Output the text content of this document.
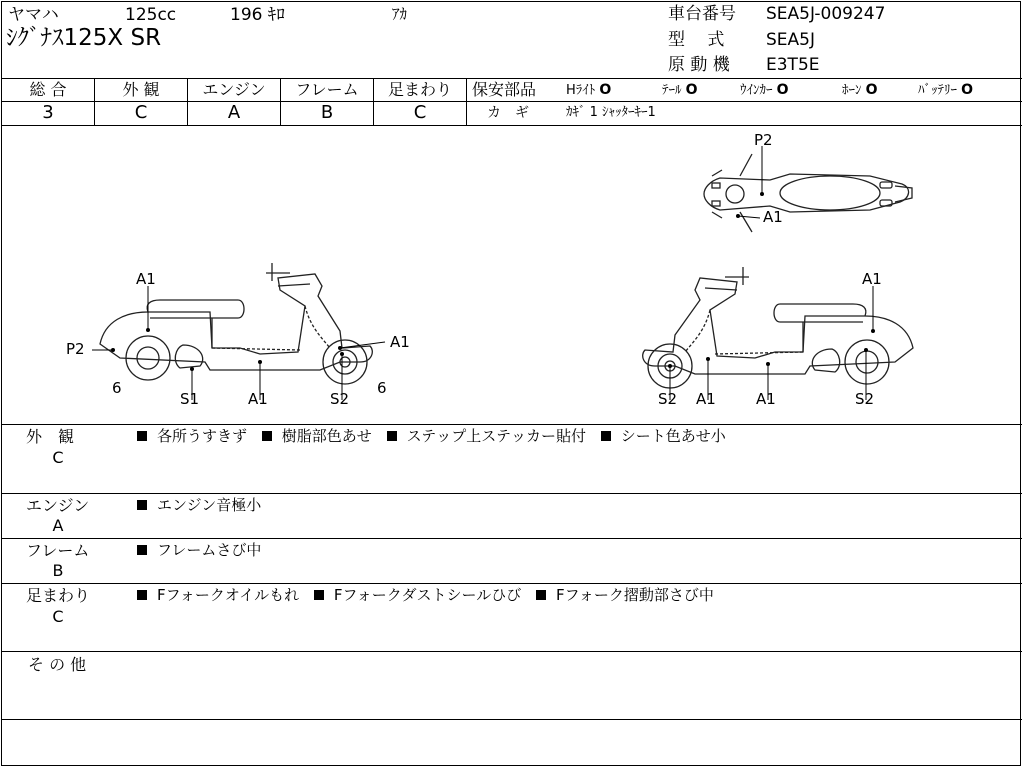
ヤマハ	125cc	196 ｷﾛ	ｱｶ
ｼｸﾞﾅｽ125X SR
車台番号 SEA5J-009247
型　 式 SEA5J
原 動 機 E3T5E
総 合	外 観	エンジン	フレーム	足まわり
3	C	A	B	C
保安部品 Hﾗｲﾄ O	ﾃｰﾙ O	ｳｲﾝｶｰ O	ﾎｰﾝ O	ﾊﾞｯﾃﾘｰ O
カ　ギ	ｶｷﾞ 1 ｼｬｯﾀｰｷｰ1
P2
A1
A1
P2	A1
6	6
S1	A1	S2
A1
S2 A1	A1	S2
外　観
C
各所うすきず 樹脂部色あせ ステップ上ステッカー貼付 シート色あせ小
エンジン
A
エンジン音極小
フレーム
B
フレームさび中
足まわり
C
Fフォークオイルもれ Fフォークダストシールひび Fフォーク摺動部さび中
そ の 他
